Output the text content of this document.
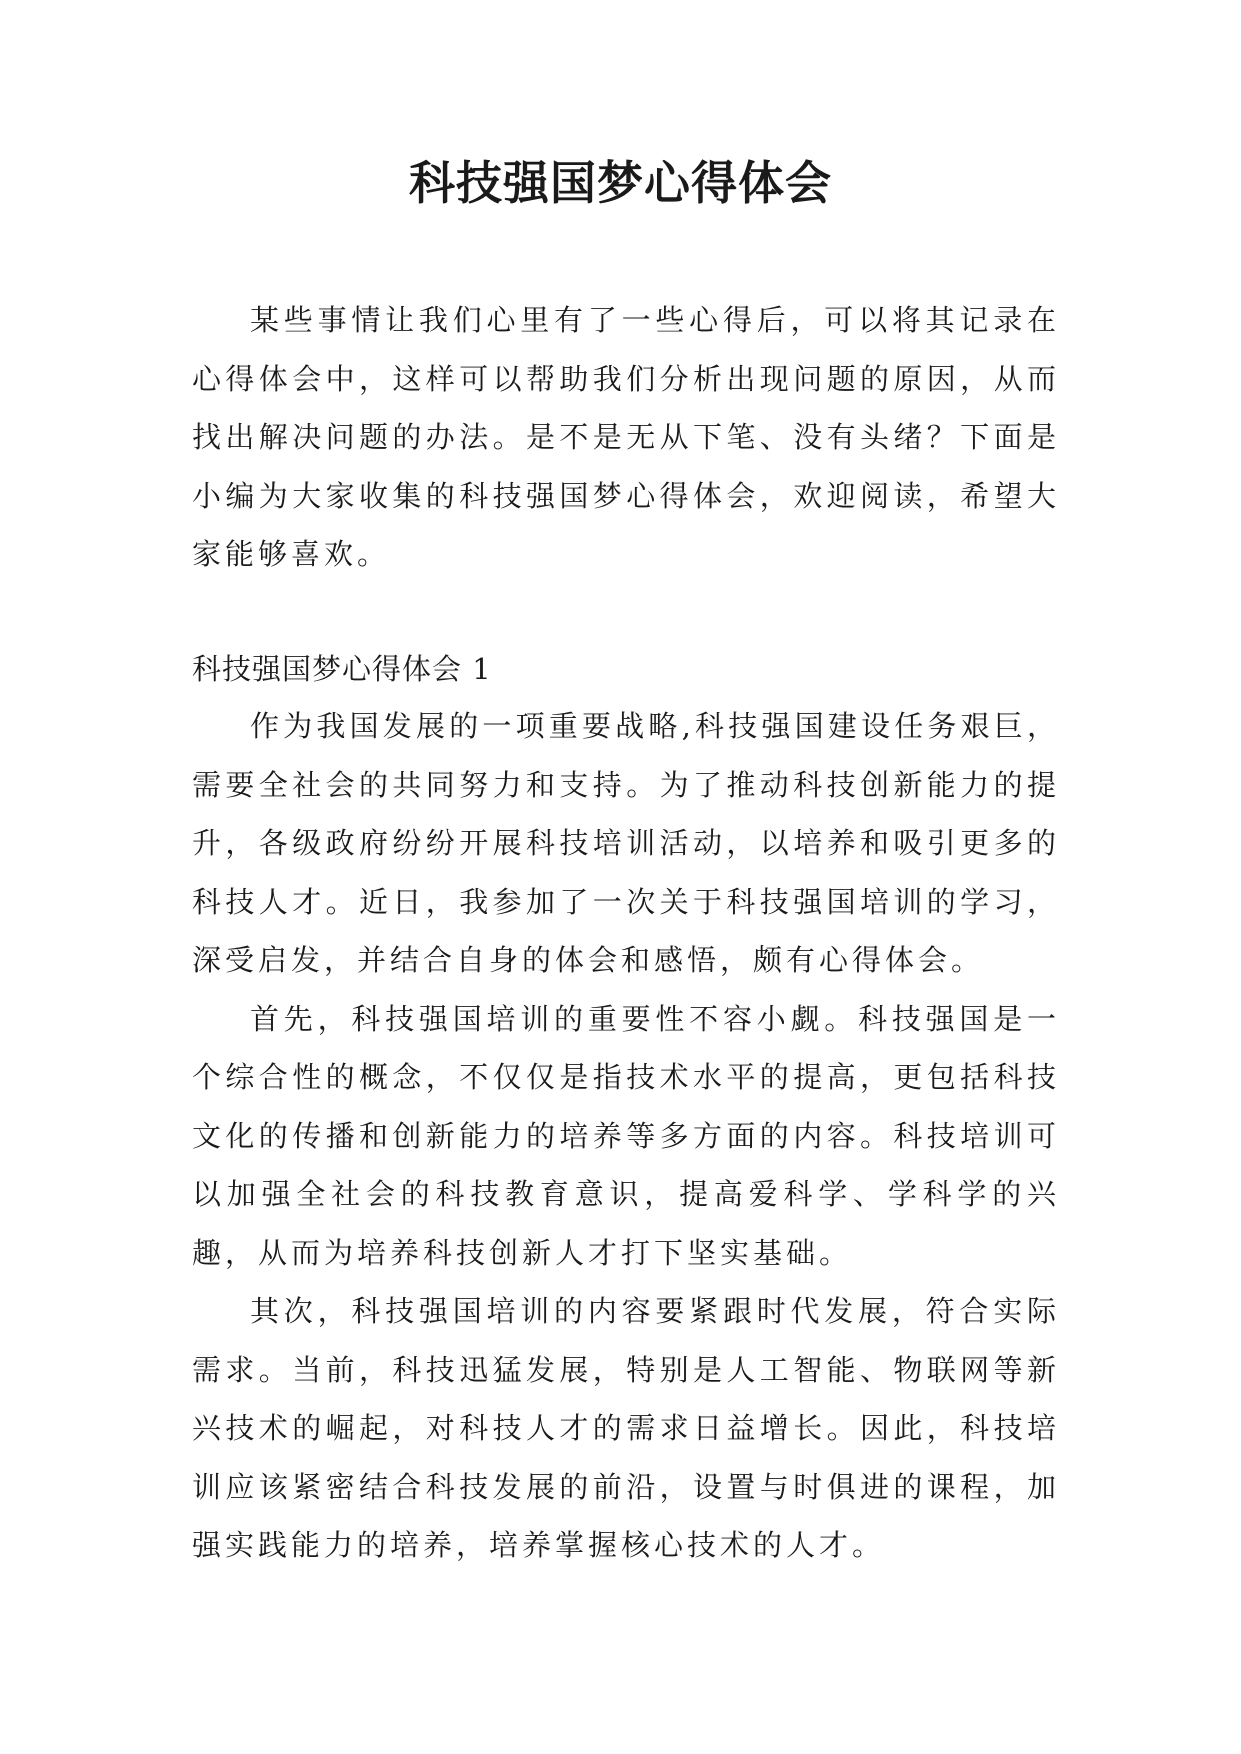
科技强国梦心得体会

某些事情让我们心里有了一些心得后，可以将其记录在心得体会中，这样可以帮助我们分析出现问题的原因，从而找出解决问题的办法。是不是无从下笔、没有头绪？下面是小编为大家收集的科技强国梦心得体会，欢迎阅读，希望大家能够喜欢。

科技强国梦心得体会 1

作为我国发展的一项重要战略,科技强国建设任务艰巨，需要全社会的共同努力和支持。为了推动科技创新能力的提升，各级政府纷纷开展科技培训活动，以培养和吸引更多的科技人才。近日，我参加了一次关于科技强国培训的学习，深受启发，并结合自身的体会和感悟，颇有心得体会。

首先，科技强国培训的重要性不容小觑。科技强国是一个综合性的概念，不仅仅是指技术水平的提高，更包括科技文化的传播和创新能力的培养等多方面的内容。科技培训可以加强全社会的科技教育意识，提高爱科学、学科学的兴趣，从而为培养科技创新人才打下坚实基础。

其次，科技强国培训的内容要紧跟时代发展，符合实际需求。当前，科技迅猛发展，特别是人工智能、物联网等新兴技术的崛起，对科技人才的需求日益增长。因此，科技培训应该紧密结合科技发展的前沿，设置与时俱进的课程，加强实践能力的培养，培养掌握核心技术的人才。
